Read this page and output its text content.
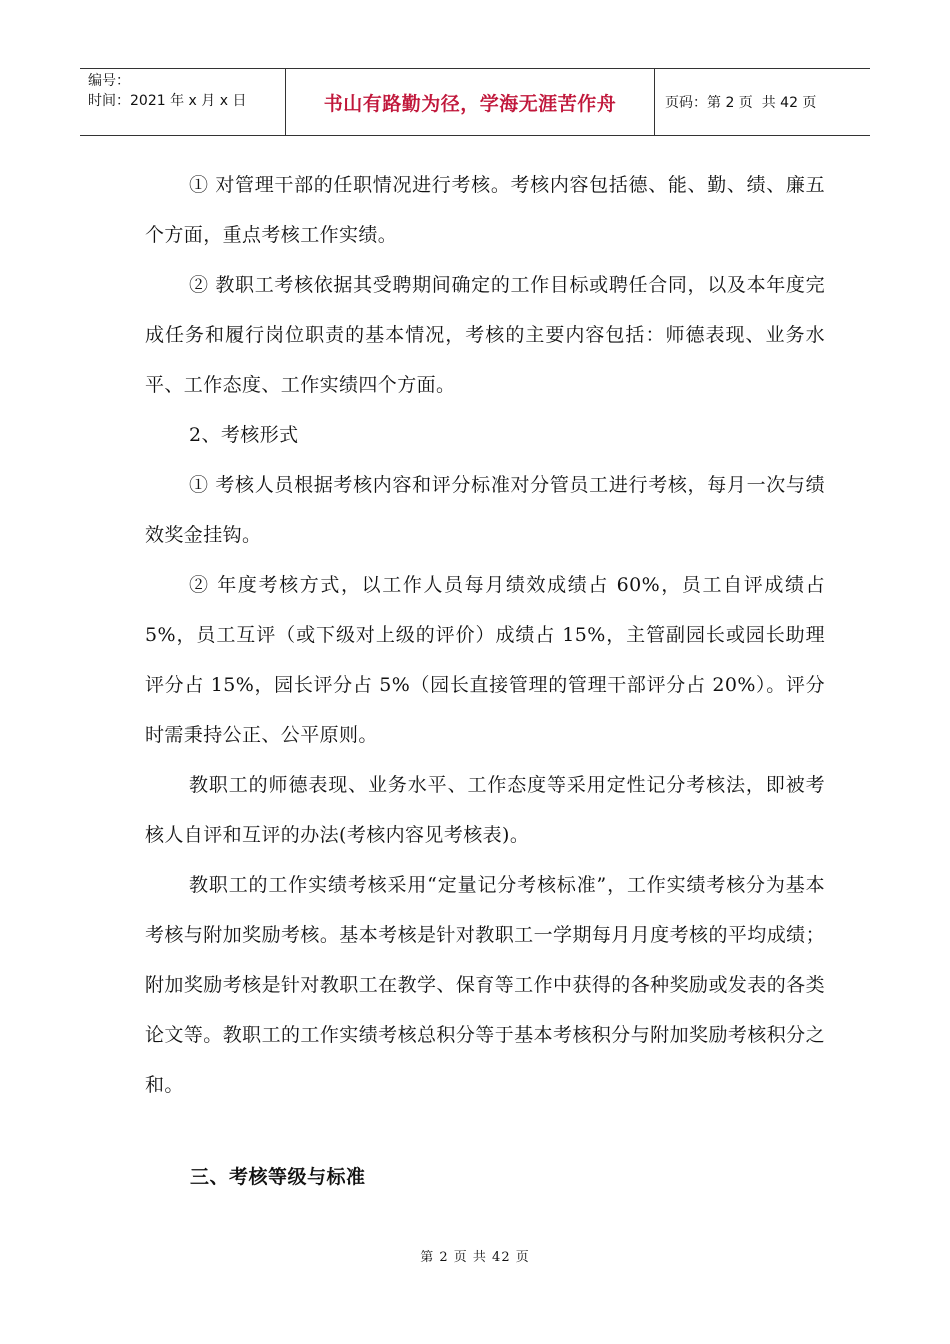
编号：
时间：2021 年 x 月 x 日	书山有路勤为径，学海无涯苦作舟	页码：第 2 页  共 42 页

① 对管理干部的任职情况进行考核。考核内容包括德、能、勤、绩、廉五个方面，重点考核工作实绩。

② 教职工考核依据其受聘期间确定的工作目标或聘任合同，以及本年度完成任务和履行岗位职责的基本情况，考核的主要内容包括：师德表现、业务水平、工作态度、工作实绩四个方面。

2、考核形式

① 考核人员根据考核内容和评分标准对分管员工进行考核，每月一次与绩效奖金挂钩。

② 年度考核方式，以工作人员每月绩效成绩占 60%，员工自评成绩占 5%，员工互评（或下级对上级的评价）成绩占 15%，主管副园长或园长助理评分占 15%，园长评分占 5%（园长直接管理的管理干部评分占 20%）。评分时需秉持公正、公平原则。

教职工的师德表现、业务水平、工作态度等采用定性记分考核法，即被考核人自评和互评的办法(考核内容见考核表)。

教职工的工作实绩考核采用“定量记分考核标准”，工作实绩考核分为基本考核与附加奖励考核。基本考核是针对教职工一学期每月月度考核的平均成绩；附加奖励考核是针对教职工在教学、保育等工作中获得的各种奖励或发表的各类论文等。教职工的工作实绩考核总积分等于基本考核积分与附加奖励考核积分之和。

三、考核等级与标准
第 2 页 共 42 页
